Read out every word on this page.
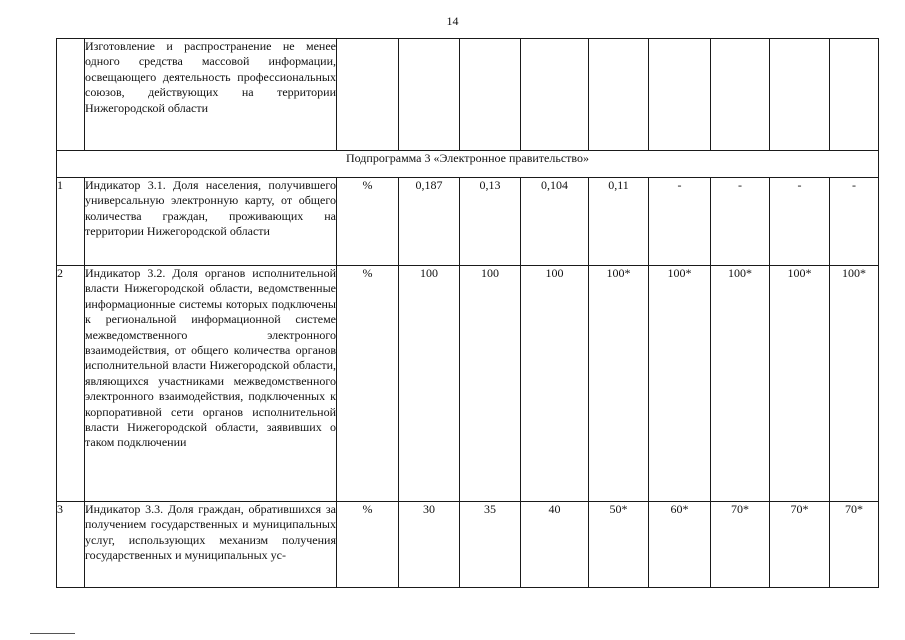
14

	Изготовление и распространение не менее одного средства массовой информации, освещающего деятельность профессиональных союзов, действующих на территории Нижегородской области										

Подпрограмма 3 «Электронное правительство»											
1	Индикатор 3.1. Доля населения, получившего универсальную электронную карту, от общего количества граждан, проживающих на территории Нижегородской области	%	0,187	0,13	0,104	0,11	-	-	-	-	
2	Индикатор 3.2. Доля органов исполнительной власти Нижегородской области, ведомственные информационные системы которых подключены к региональной информационной системе межведомственного электронного взаимодействия, от общего количества органов исполнительной власти Нижегородской области, являющихся участниками межведомственного электронного взаимодействия, подключенных к корпоративной сети органов исполнительной власти Нижегородской области, заявивших о таком подключении	%	100	100	100	100*	100*	100*	100*	100*	
3	Индикатор 3.3. Доля граждан, обратившихся за получением государственных и муниципальных услуг, использующих механизм получения государственных и муниципальных ус-	%	30	35	40	50*	60*	70*	70*	70*	
